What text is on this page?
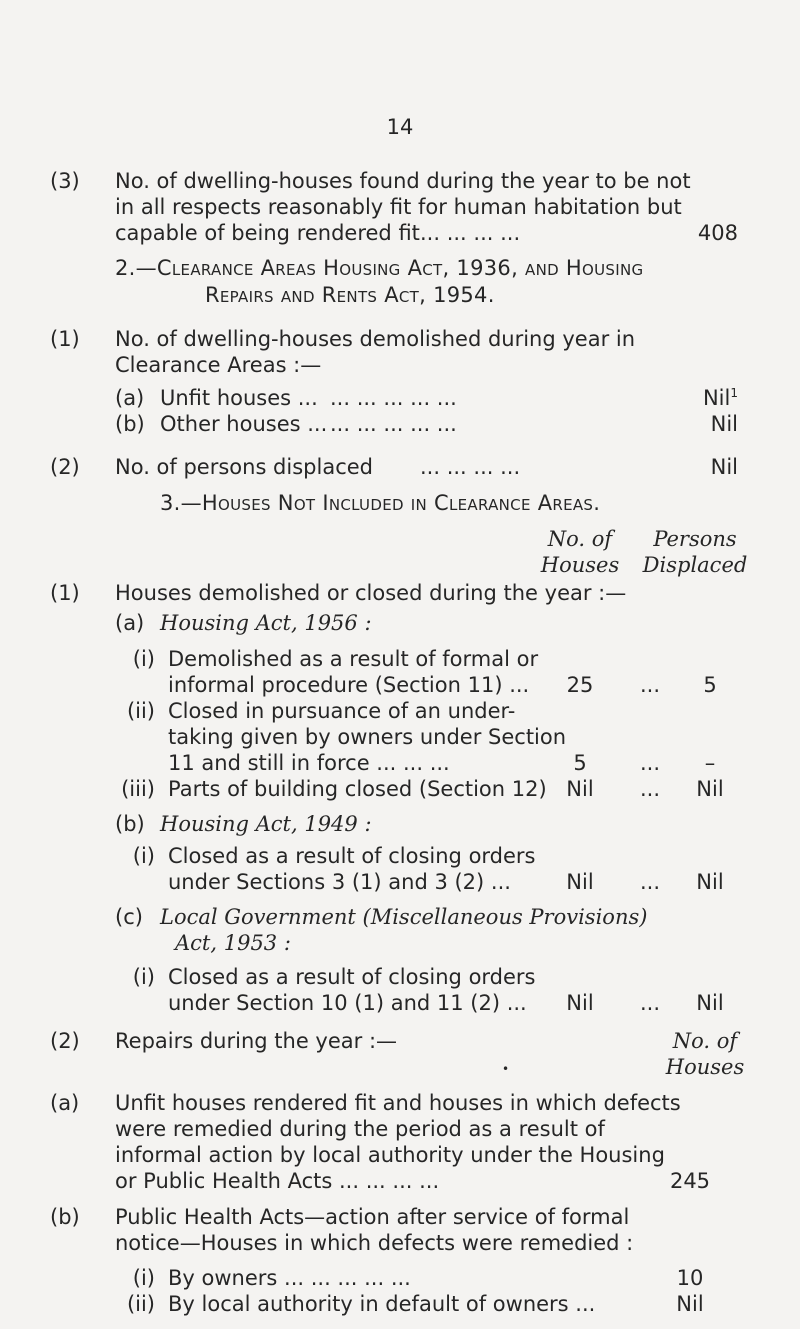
14
(3) No. of dwelling-houses found during the year to be not
in all respects reasonably fit for human habitation but
capable of being rendered fit ... ... ... ...	408
2.—Clearance Areas Housing Act, 1936, and Housing
Repairs and Rents Act, 1954.
(1) No. of dwelling-houses demolished during year in
Clearance Areas :—
(a) Unfit houses ... ... ... ... ... ...	Nil$^1$
(b) Other houses ... ... ... ... ... ...	Nil
(2) No. of persons displaced ... ... ... ...	Nil
3.—Houses Not Included in Clearance Areas.
No. of
Houses
Persons
Displaced
(1) Houses demolished or closed during the year :—
(a) Housing Act, 1956 :
(i) Demolished as a result of formal or
informal procedure (Section 11) ...	25	...	5
(ii) Closed in pursuance of an under-
taking given by owners under Section
11 and still in force ... ... ...	5	...	–
(iii) Parts of building closed (Section 12) Nil	...	Nil
(b) Housing Act, 1949 :
(i) Closed as a result of closing orders
under Sections 3 (1) and 3 (2) ...	Nil	...	Nil
(c) Local Government (Miscellaneous Provisions)
Act, 1953 :
(i) Closed as a result of closing orders
under Section 10 (1) and 11 (2) ...	Nil	...	Nil
(2) Repairs during the year :—
•
No. of
Houses
(a) Unfit houses rendered fit and houses in which defects
were remedied during the period as a result of
informal action by local authority under the Housing
or Public Health Acts ... ... ... ...	245
(b) Public Health Acts—action after service of formal
notice—Houses in which defects were remedied :
(i) By owners ... ... ... ... ...	10
(ii) By local authority in default of owners ...	Nil
